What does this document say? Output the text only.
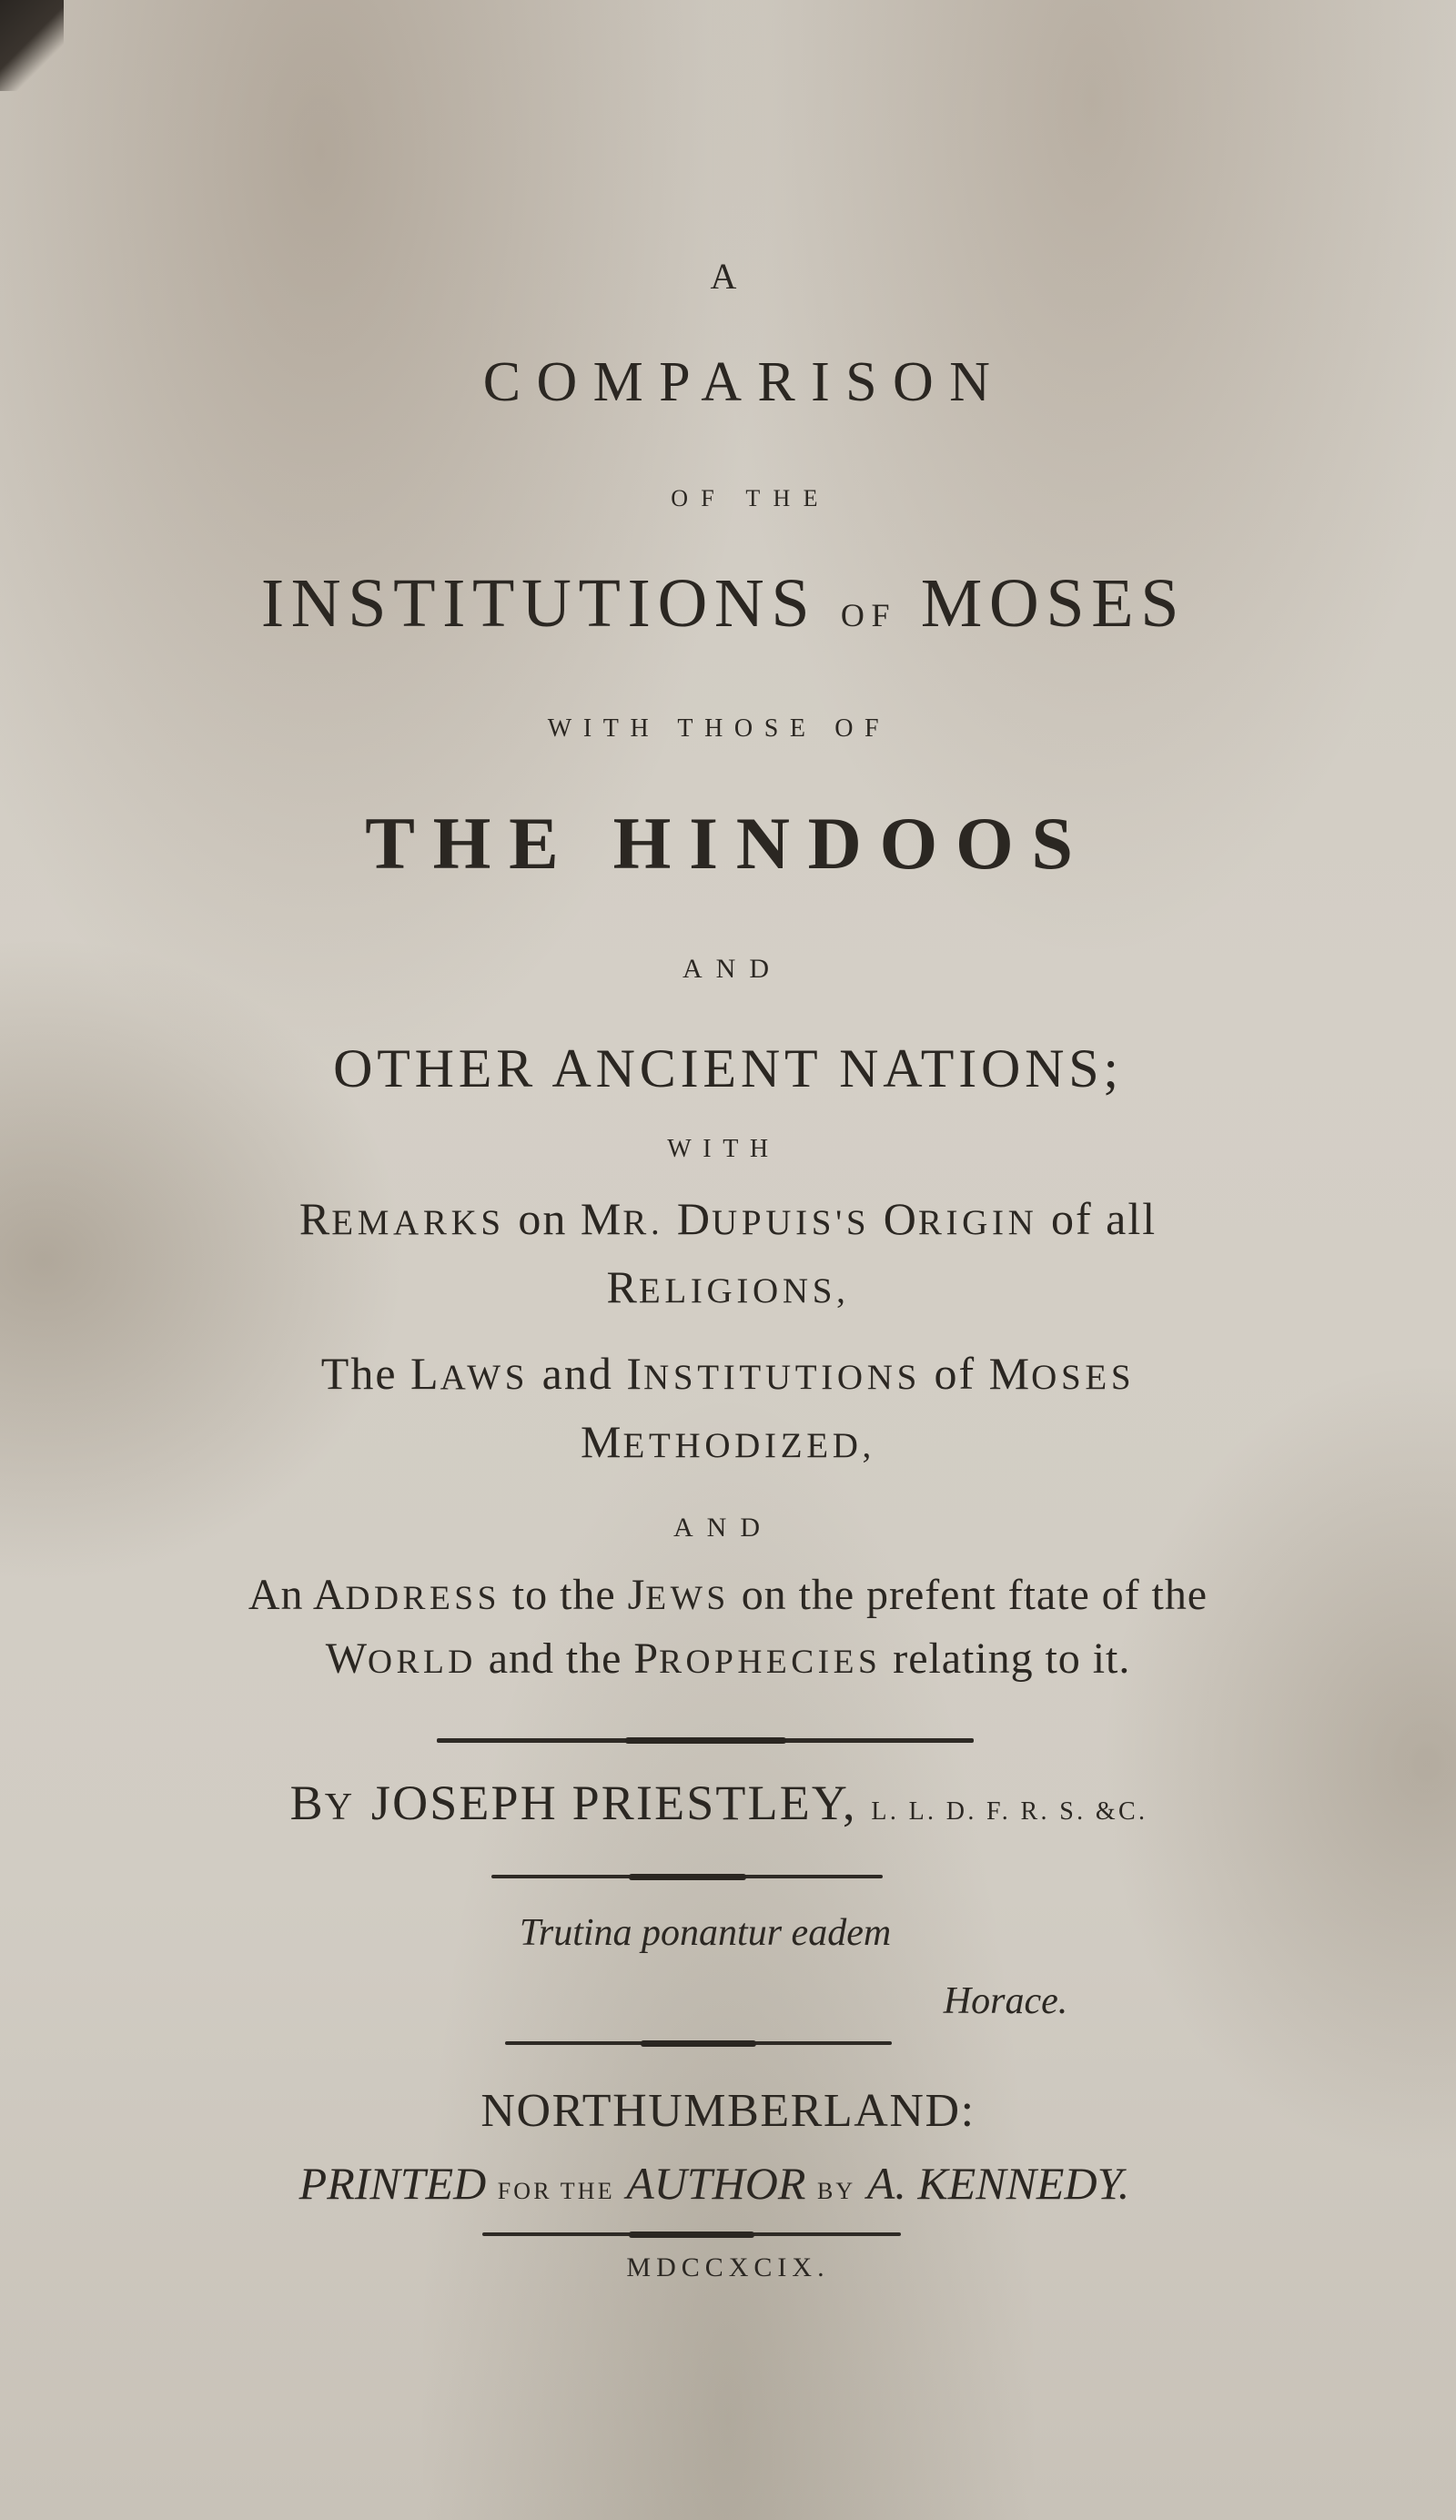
A
COMPARISON
OF THE
INSTITUTIONS OF MOSES
WITH THOSE OF
THE HINDOOS
AND
OTHER ANCIENT NATIONS;
WITH
REMARKS on MR. DUPUIS'S ORIGIN of all
RELIGIONS,
The LAWS and INSTITUTIONS of MOSES
METHODIZED,
AND
An ADDRESS to the JEWS on the prefent ftate of the
WORLD and the PROPHECIES relating to it.
BY JOSEPH PRIESTLEY, L. L. D. F. R. S. &C.
Trutina ponantur eadem
Horace.
NORTHUMBERLAND:
PRINTED FOR THE AUTHOR BY A. KENNEDY.
MDCCXCIX.
